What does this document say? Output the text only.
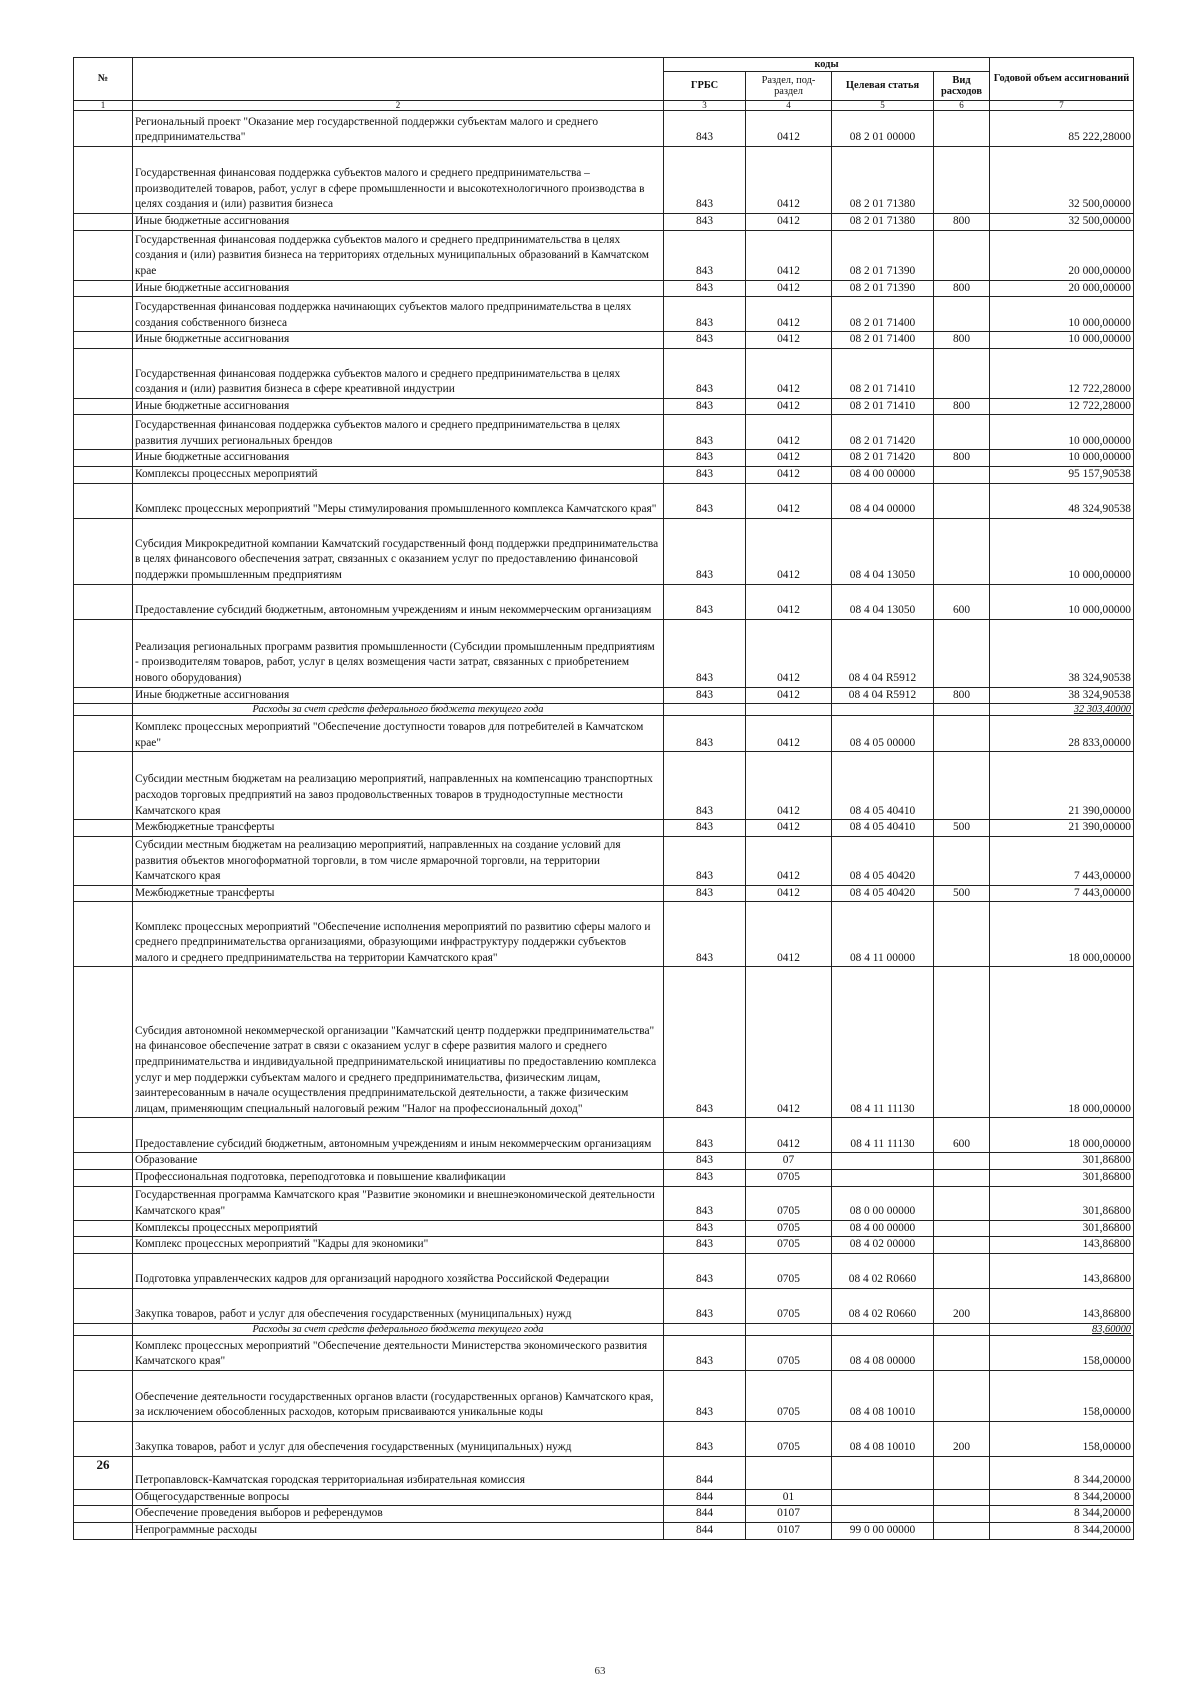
№		коды				Годовой объем ассигнований
		ГРБС	Раздел, под-раздел	Целевая статья	Вид расходов	
1	2	3	4	5	6	7
	Региональный проект "Оказание мер государственной поддержки субъектам малого и среднего предпринимательства"	843	0412	08 2 01 00000		85 222,28000
	Государственная финансовая поддержка субъектов малого и среднего предпринимательства – производителей товаров, работ, услуг в сфере промышленности и высокотехнологичного производства в целях создания и (или) развития бизнеса	843	0412	08 2 01 71380		32 500,00000
	Иные бюджетные ассигнования	843	0412	08 2 01 71380	800	32 500,00000
	Государственная финансовая поддержка субъектов малого и среднего предпринимательства в целях создания и (или) развития бизнеса на территориях отдельных муниципальных образований в Камчатском крае	843	0412	08 2 01 71390		20 000,00000
	Иные бюджетные ассигнования	843	0412	08 2 01 71390	800	20 000,00000
	Государственная финансовая поддержка начинающих субъектов малого предпринимательства в целях создания собственного бизнеса	843	0412	08 2 01 71400		10 000,00000
	Иные бюджетные ассигнования	843	0412	08 2 01 71400	800	10 000,00000
	Государственная финансовая поддержка субъектов малого и среднего предпринимательства в целях создания и (или) развития бизнеса в сфере креативной индустрии	843	0412	08 2 01 71410		12 722,28000
	Иные бюджетные ассигнования	843	0412	08 2 01 71410	800	12 722,28000
	Государственная финансовая поддержка субъектов малого и среднего предпринимательства в целях развития лучших региональных брендов	843	0412	08 2 01 71420		10 000,00000
	Иные бюджетные ассигнования	843	0412	08 2 01 71420	800	10 000,00000
	Комплексы процессных мероприятий	843	0412	08 4 00 00000		95 157,90538
	Комплекс процессных мероприятий "Меры стимулирования промышленного комплекса Камчатского края"	843	0412	08 4 04 00000		48 324,90538
	Субсидия Микрокредитной компании Камчатский государственный фонд поддержки предпринимательства в целях финансового обеспечения затрат, связанных с оказанием услуг по предоставлению финансовой поддержки промышленным предприятиям	843	0412	08 4 04 13050		10 000,00000
	Предоставление субсидий бюджетным, автономным учреждениям и иным некоммерческим организациям	843	0412	08 4 04 13050	600	10 000,00000
	Реализация региональных программ развития промышленности (Субсидии промышленным предприятиям - производителям товаров, работ, услуг в целях возмещения части затрат, связанных с приобретением нового оборудования)	843	0412	08 4 04 R5912		38 324,90538
	Иные бюджетные ассигнования	843	0412	08 4 04 R5912	800	38 324,90538
	Расходы за счет средств федерального бюджета текущего года					32 303,40000
	Комплекс процессных мероприятий "Обеспечение доступности товаров для потребителей в Камчатском крае"	843	0412	08 4 05 00000		28 833,00000
	Субсидии местным бюджетам на реализацию мероприятий, направленных на компенсацию транспортных расходов торговых предприятий на завоз продовольственных товаров в труднодоступные местности Камчатского края	843	0412	08 4 05 40410		21 390,00000
	Межбюджетные трансферты	843	0412	08 4 05 40410	500	21 390,00000
	Субсидии местным бюджетам на реализацию мероприятий, направленных на создание условий для развития объектов многоформатной торговли, в том числе ярмарочной торговли, на территории Камчатского края	843	0412	08 4 05 40420		7 443,00000
	Межбюджетные трансферты	843	0412	08 4 05 40420	500	7 443,00000
	Комплекс процессных мероприятий "Обеспечение исполнения мероприятий по развитию сферы малого и среднего предпринимательства организациями, образующими инфраструктуру поддержки субъектов малого и среднего предпринимательства на территории Камчатского края"	843	0412	08 4 11 00000		18 000,00000
	Субсидия автономной некоммерческой организации "Камчатский центр поддержки предпринимательства" на финансовое обеспечение затрат в связи с оказанием услуг в сфере развития малого и среднего предпринимательства и индивидуальной предпринимательской инициативы по предоставлению комплекса услуг и мер поддержки субъектам малого и среднего предпринимательства, физическим лицам, заинтересованным в начале осуществления предпринимательской деятельности, а также физическим лицам, применяющим специальный налоговый режим "Налог на профессиональный доход"	843	0412	08 4 11 11130		18 000,00000
	Предоставление субсидий бюджетным, автономным учреждениям и иным некоммерческим организациям	843	0412	08 4 11 11130	600	18 000,00000
	Образование	843	07			301,86800
	Профессиональная подготовка, переподготовка и повышение квалификации	843	0705			301,86800
	Государственная программа Камчатского края "Развитие экономики и внешнеэкономической деятельности Камчатского края"	843	0705	08 0 00 00000		301,86800
	Комплексы процессных мероприятий	843	0705	08 4 00 00000		301,86800
	Комплекс процессных мероприятий "Кадры для экономики"	843	0705	08 4 02 00000		143,86800
	Подготовка управленческих кадров для организаций народного хозяйства Российской Федерации	843	0705	08 4 02 R0660		143,86800
	Закупка товаров, работ и услуг для обеспечения государственных (муниципальных) нужд	843	0705	08 4 02 R0660	200	143,86800
	Расходы за счет средств федерального бюджета текущего года					83,60000
	Комплекс процессных мероприятий "Обеспечение деятельности Министерства экономического развития Камчатского края"	843	0705	08 4 08 00000		158,00000
	Обеспечение деятельности государственных органов власти (государственных органов) Камчатского края, за исключением обособленных расходов, которым присваиваются уникальные коды	843	0705	08 4 08 10010		158,00000
	Закупка товаров, работ и услуг для обеспечения государственных (муниципальных) нужд	843	0705	08 4 08 10010	200	158,00000
26	Петропавловск-Камчатская городская территориальная избирательная комиссия	844				8 344,20000
	Общегосударственные вопросы	844	01			8 344,20000
	Обеспечение проведения выборов и референдумов	844	0107			8 344,20000
	Непрограммные расходы	844	0107	99 0 00 00000		8 344,20000
63
